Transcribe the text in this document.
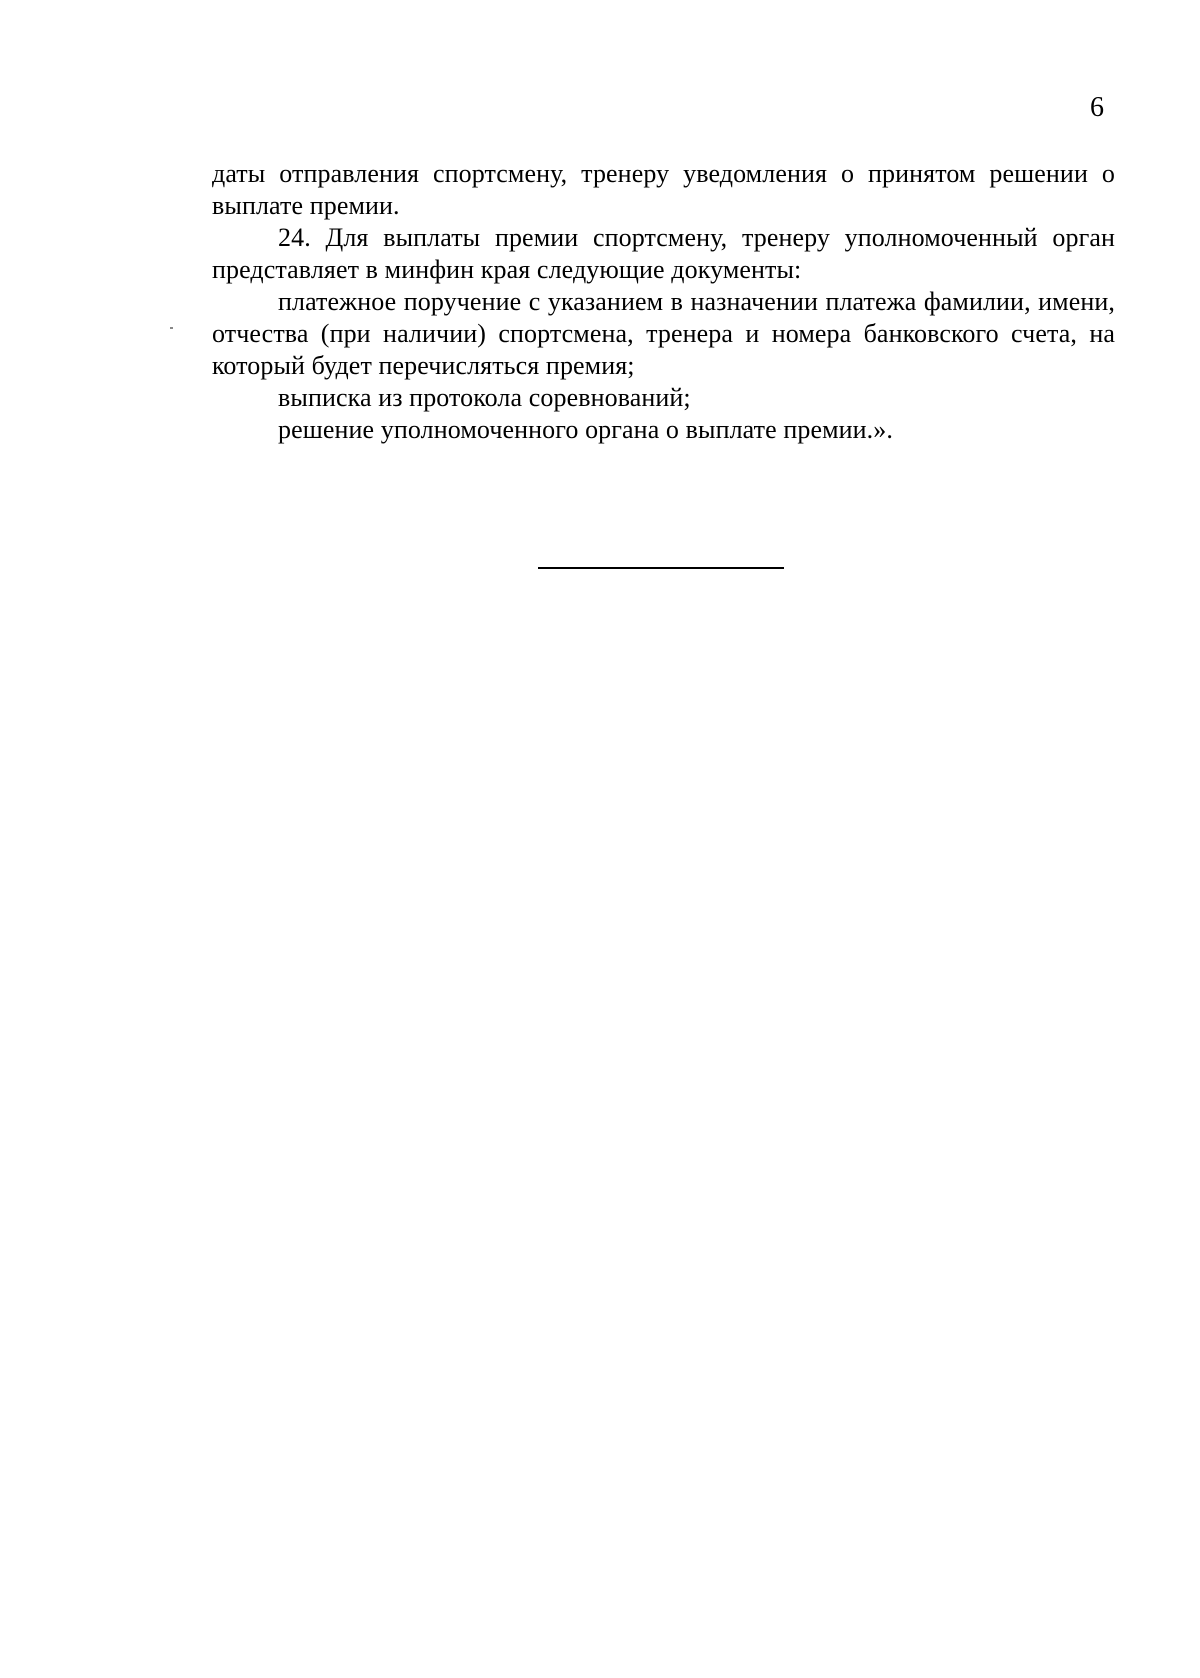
6

даты отправления спортсмену, тренеру уведомления о принятом решении о выплате премии.

24. Для выплаты премии спортсмену, тренеру уполномоченный орган представляет в минфин края следующие документы:

платежное поручение с указанием в назначении платежа фамилии, имени, отчества (при наличии) спортсмена, тренера и номера банковского счета, на который будет перечисляться премия;

выписка из протокола соревнований;

решение уполномоченного органа о выплате премии.».
